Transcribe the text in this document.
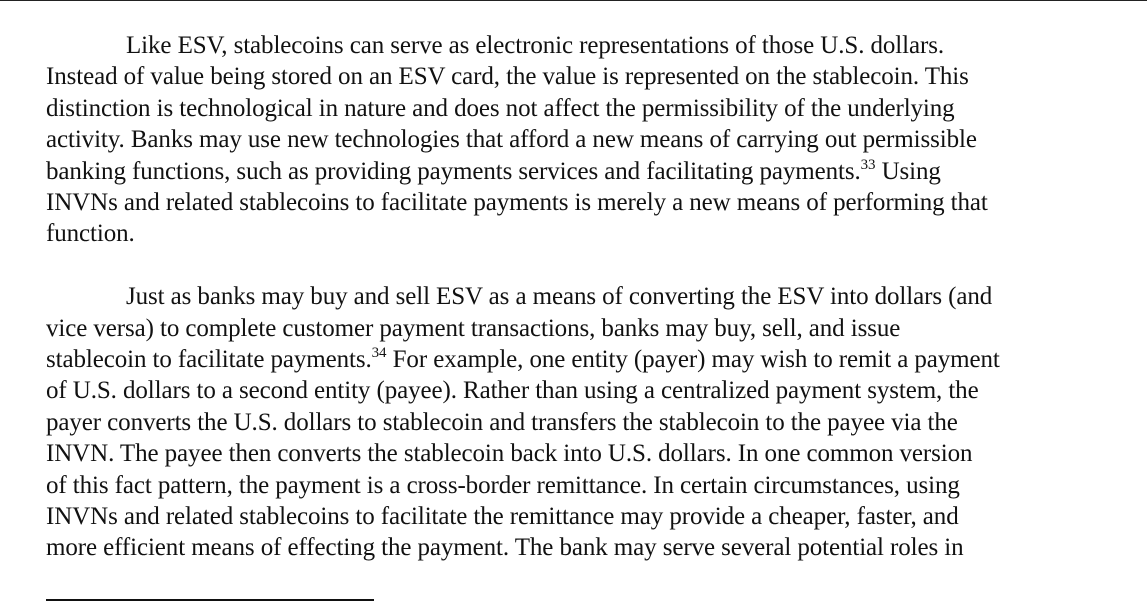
Like ESV, stablecoins can serve as electronic representations of those U.S. dollars.
Instead of value being stored on an ESV card, the value is represented on the stablecoin. This
distinction is technological in nature and does not affect the permissibility of the underlying
activity. Banks may use new technologies that afford a new means of carrying out permissible
banking functions, such as providing payments services and facilitating payments.$^{33}$ Using
INVNs and related stablecoins to facilitate payments is merely a new means of performing that
function.

Just as banks may buy and sell ESV as a means of converting the ESV into dollars (and
vice versa) to complete customer payment transactions, banks may buy, sell, and issue
stablecoin to facilitate payments.$^{34}$ For example, one entity (payer) may wish to remit a payment
of U.S. dollars to a second entity (payee). Rather than using a centralized payment system, the
payer converts the U.S. dollars to stablecoin and transfers the stablecoin to the payee via the
INVN. The payee then converts the stablecoin back into U.S. dollars. In one common version
of this fact pattern, the payment is a cross-border remittance. In certain circumstances, using
INVNs and related stablecoins to facilitate the remittance may provide a cheaper, faster, and
more efficient means of effecting the payment. The bank may serve several potential roles in
